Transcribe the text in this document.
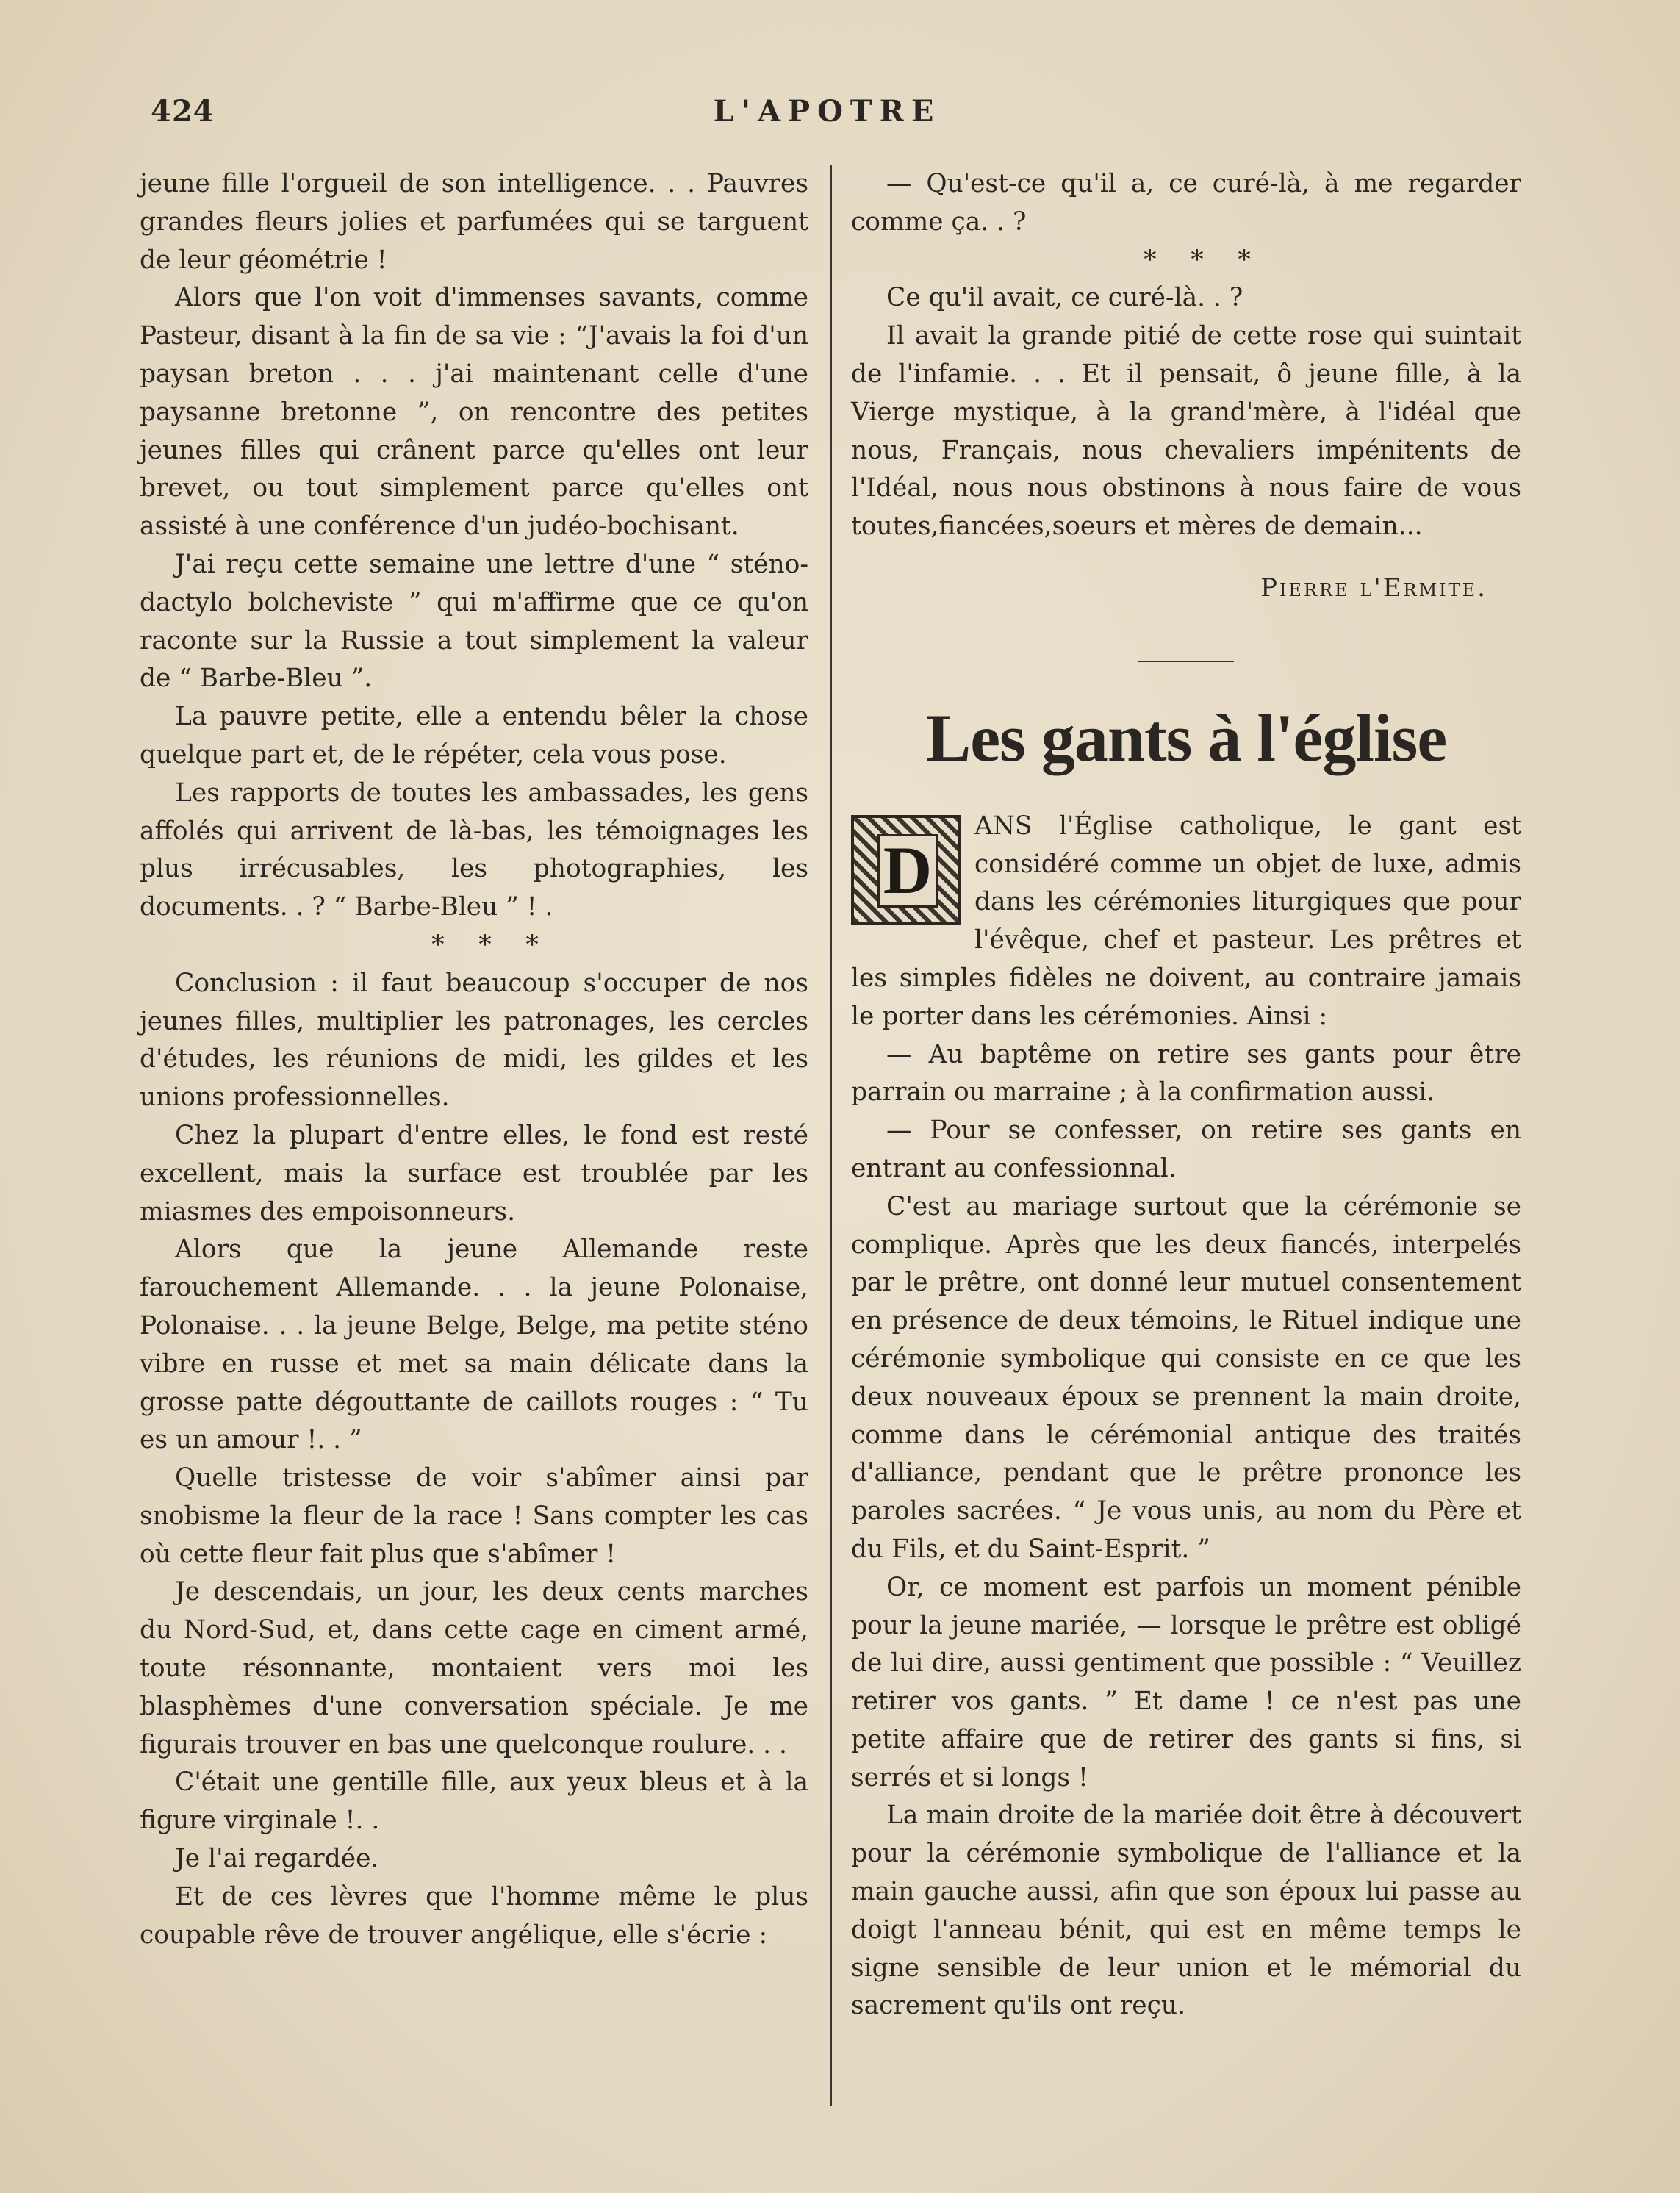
424	L'APOTRE

jeune fille l'orgueil de son intelligence. . . Pauvres grandes fleurs jolies et parfumées qui se targuent de leur géométrie !

Alors que l'on voit d'immenses savants, comme Pasteur, disant à la fin de sa vie : “J'avais la foi d'un paysan breton . . . j'ai maintenant celle d'une paysanne bretonne ”, on rencontre des petites jeunes filles qui crânent parce qu'elles ont leur brevet, ou tout simplement parce qu'elles ont assisté à une conférence d'un judéo-bochisant.

J'ai reçu cette semaine une lettre d'une “ sténo-dactylo bolcheviste ” qui m'affirme que ce qu'on raconte sur la Russie a tout simplement la valeur de “ Barbe-Bleu ”.

La pauvre petite, elle a entendu bêler la chose quelque part et, de le répéter, cela vous pose.

Les rapports de toutes les ambassades, les gens affolés qui arrivent de là-bas, les témoignages les plus irrécusables, les photographies, les documents. . ? “ Barbe-Bleu ” ! .

* * *

Conclusion : il faut beaucoup s'occuper de nos jeunes filles, multiplier les patronages, les cercles d'études, les réunions de midi, les gildes et les unions professionnelles.

Chez la plupart d'entre elles, le fond est resté excellent, mais la surface est troublée par les miasmes des empoisonneurs.

Alors que la jeune Allemande reste farouchement Allemande. . . la jeune Polonaise, Polonaise. . . la jeune Belge, Belge, ma petite sténo vibre en russe et met sa main délicate dans la grosse patte dégouttante de caillots rouges : “ Tu es un amour !. . ”

Quelle tristesse de voir s'abîmer ainsi par snobisme la fleur de la race ! Sans compter les cas où cette fleur fait plus que s'abîmer !

Je descendais, un jour, les deux cents marches du Nord-Sud, et, dans cette cage en ciment armé, toute résonnante, montaient vers moi les blasphèmes d'une conversation spéciale. Je me figurais trouver en bas une quelconque roulure. . .

C'était une gentille fille, aux yeux bleus et à la figure virginale !. .

Je l'ai regardée.

Et de ces lèvres que l'homme même le plus coupable rêve de trouver angélique, elle s'écrie :

— Qu'est-ce qu'il a, ce curé-là, à me regarder comme ça. . ?

* * *

Ce qu'il avait, ce curé-là. . ?

Il avait la grande pitié de cette rose qui suintait de l'infamie. . . Et il pensait, ô jeune fille, à la Vierge mystique, à la grand'mère, à l'idéal que nous, Français, nous chevaliers impénitents de l'Idéal, nous nous obstinons à nous faire de vous toutes,fiancées,soeurs et mères de demain...

Pierre l'Ermite.
Les gants à l'église
D

ANS l'Église catholique, le gant est considéré comme un objet de luxe, admis dans les cérémonies liturgiques que pour l'évêque, chef et pasteur. Les prêtres et les simples fidèles ne doivent, au contraire jamais le porter dans les cérémonies. Ainsi :

— Au baptême on retire ses gants pour être parrain ou marraine ; à la confirmation aussi.

— Pour se confesser, on retire ses gants en entrant au confessionnal.

C'est au mariage surtout que la cérémonie se complique. Après que les deux fiancés, interpelés par le prêtre, ont donné leur mutuel consentement en présence de deux témoins, le Rituel indique une cérémonie symbolique qui consiste en ce que les deux nouveaux époux se prennent la main droite, comme dans le cérémonial antique des traités d'alliance, pendant que le prêtre prononce les paroles sacrées. “ Je vous unis, au nom du Père et du Fils, et du Saint-Esprit. ”

Or, ce moment est parfois un moment pénible pour la jeune mariée, — lorsque le prêtre est obligé de lui dire, aussi gentiment que possible : “ Veuillez retirer vos gants. ” Et dame ! ce n'est pas une petite affaire que de retirer des gants si fins, si serrés et si longs !

La main droite de la mariée doit être à découvert pour la cérémonie symbolique de l'alliance et la main gauche aussi, afin que son époux lui passe au doigt l'anneau bénit, qui est en même temps le signe sensible de leur union et le mémorial du sacrement qu'ils ont reçu.
